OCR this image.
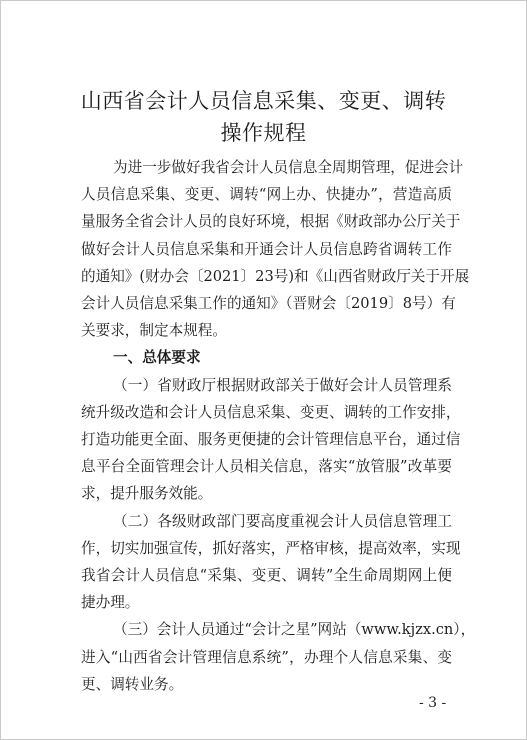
山西省会计人员信息采集、变更、调转
操作规程
为进一步做好我省会计人员信息全周期管理，促进会计
人员信息采集、变更、调转“网上办、快捷办”，营造高质
量服务全省会计人员的良好环境，根据《财政部办公厅关于
做好会计人员信息采集和开通会计人员信息跨省调转工作
的通知》(财办会〔2021〕23号)和《山西省财政厅关于开展
会计人员信息采集工作的通知》（晋财会〔2019〕8号）有
关要求，制定本规程。
一、总体要求
（一）省财政厅根据财政部关于做好会计人员管理系
统升级改造和会计人员信息采集、变更、调转的工作安排，
打造功能更全面、服务更便捷的会计管理信息平台，通过信
息平台全面管理会计人员相关信息，落实“放管服”改革要
求，提升服务效能。
（二）各级财政部门要高度重视会计人员信息管理工
作，切实加强宣传，抓好落实，严格审核，提高效率，实现
我省会计人员信息“采集、变更、调转”全生命周期网上便
捷办理。
（三）会计人员通过“会计之星”网站（www.kjzx.cn），
进入“山西省会计管理信息系统”，办理个人信息采集、变
更、调转业务。
- 3 -
